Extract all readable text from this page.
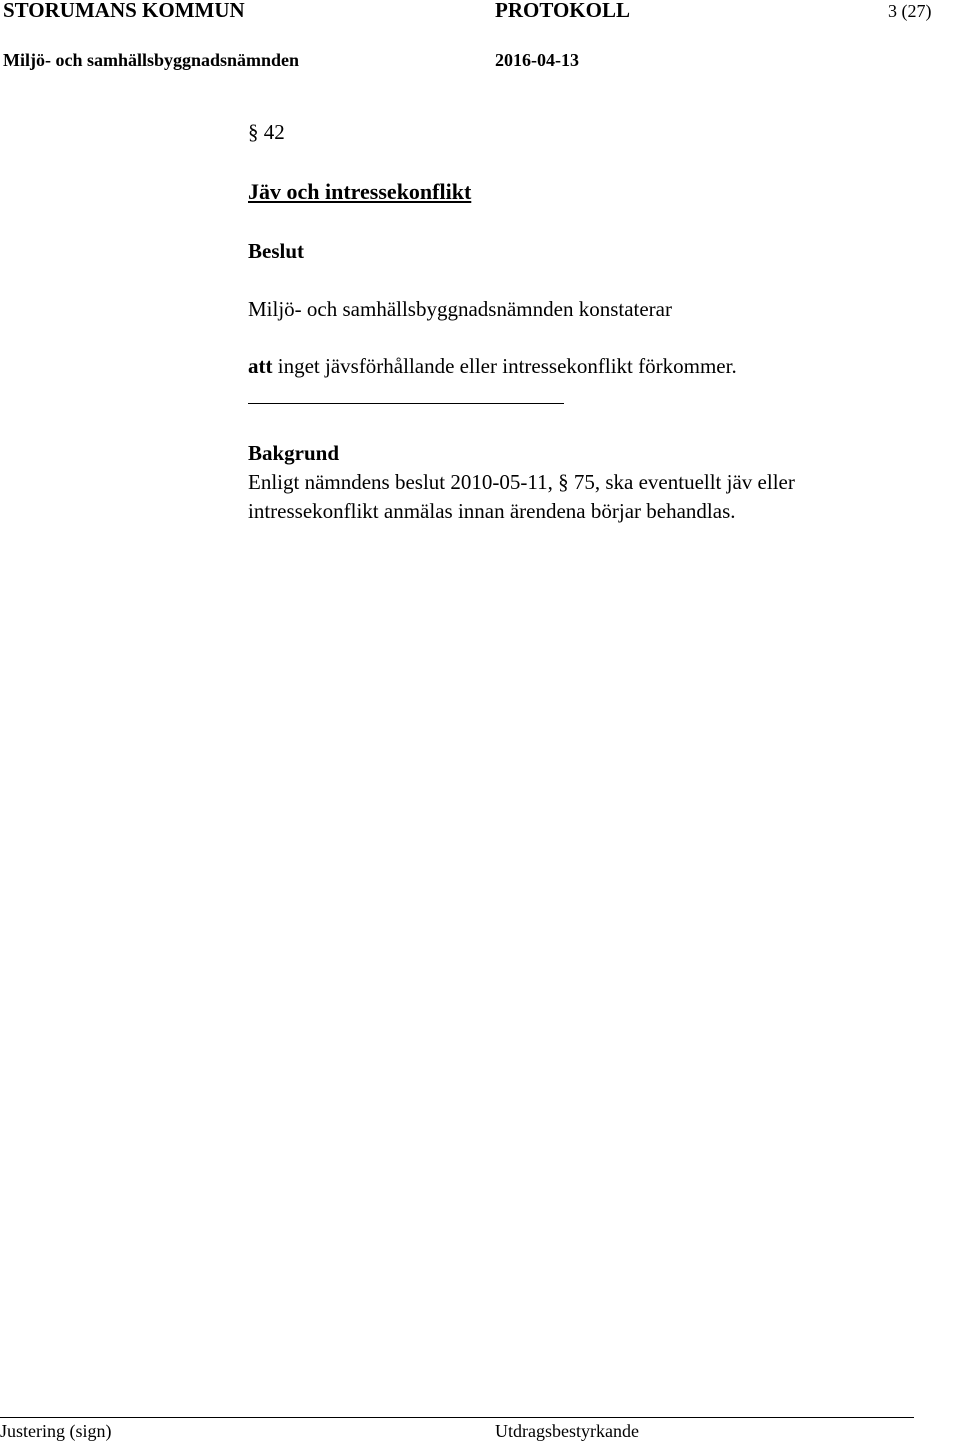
STORUMANS KOMMUN	PROTOKOLL	3 (27)
Miljö- och samhällsbyggnadsnämnden	2016-04-13
§ 42
Jäv och intressekonflikt
Beslut
Miljö- och samhällsbyggnadsnämnden konstaterar
att inget jävsförhållande eller intressekonflikt förkommer.
Bakgrund
Enligt nämndens beslut 2010-05-11, § 75, ska eventuellt jäv eller
intressekonflikt anmälas innan ärendena börjar behandlas.
Justering (sign)	Utdragsbestyrkande
